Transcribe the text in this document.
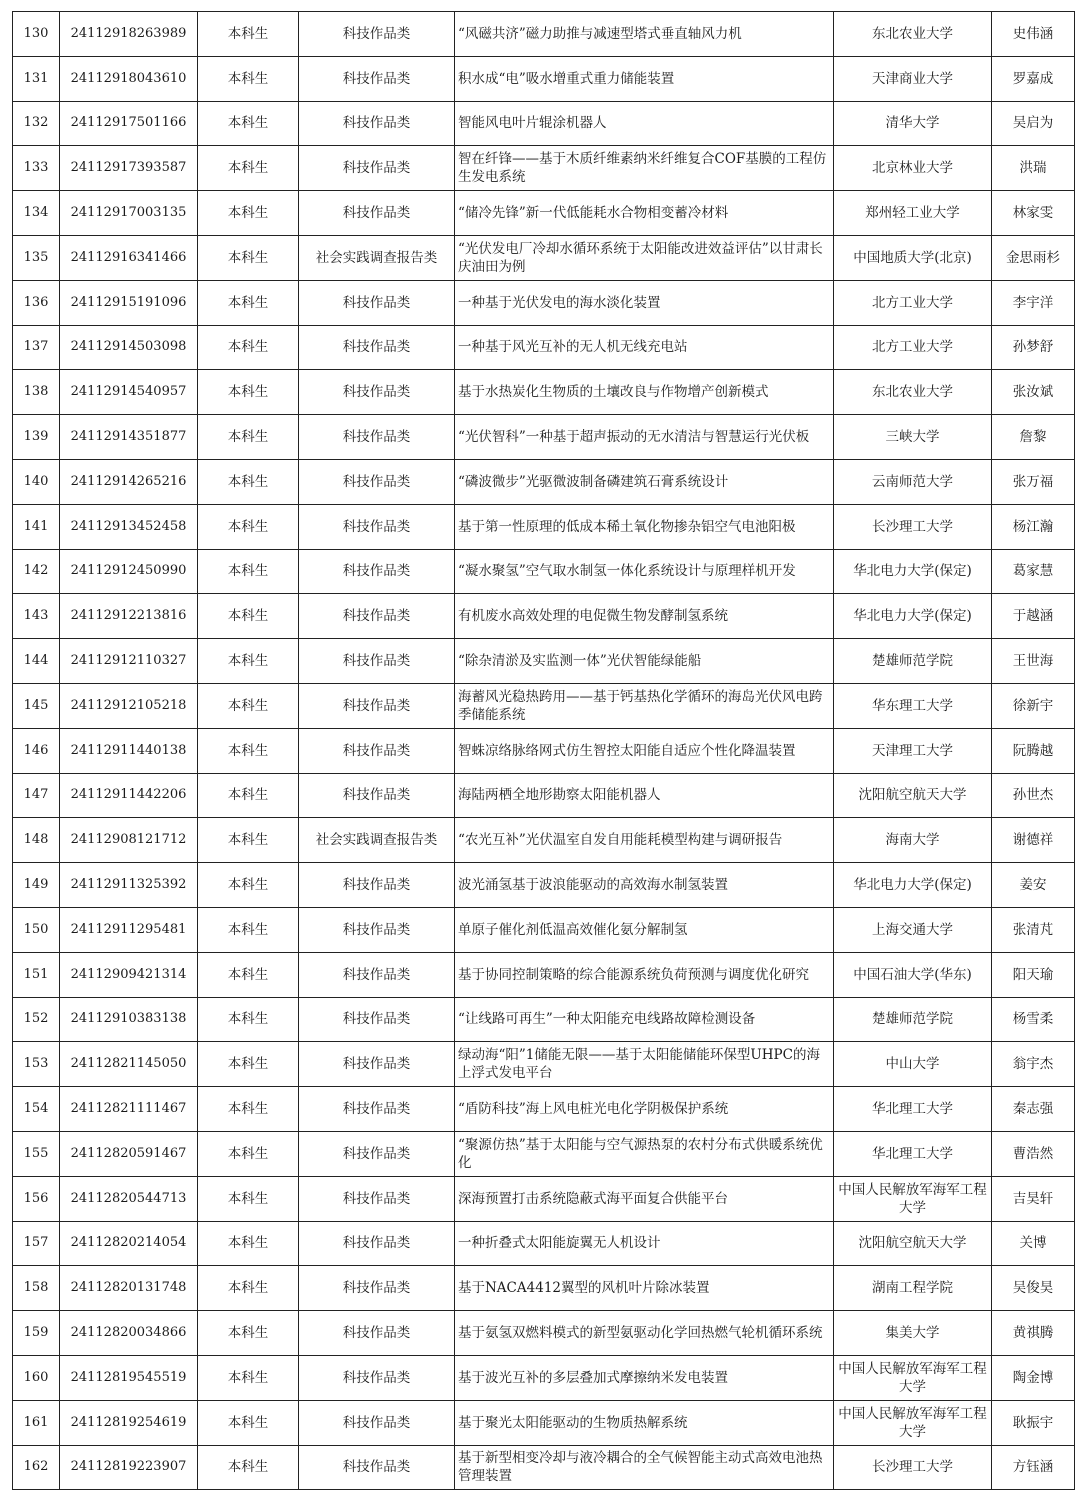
130	24112918263989	本科生	科技作品类	“风磁共济”磁力助推与减速型塔式垂直轴风力机	东北农业大学	史伟涵
131	24112918043610	本科生	科技作品类	积水成“电”吸水增重式重力储能装置	天津商业大学	罗嘉成
132	24112917501166	本科生	科技作品类	智能风电叶片辊涂机器人	清华大学	吴启为
133	24112917393587	本科生	科技作品类	智在纤锋——基于木质纤维素纳米纤维复合COF基膜的工程仿生发电系统	北京林业大学	洪瑞
134	24112917003135	本科生	科技作品类	“储冷先锋”新一代低能耗水合物相变蓄冷材料	郑州轻工业大学	林家雯
135	24112916341466	本科生	社会实践调查报告类	“光伏发电厂冷却水循环系统于太阳能改进效益评估”以甘肃长庆油田为例	中国地质大学(北京)	金思雨杉
136	24112915191096	本科生	科技作品类	一种基于光伏发电的海水淡化装置	北方工业大学	李宇洋
137	24112914503098	本科生	科技作品类	一种基于风光互补的无人机无线充电站	北方工业大学	孙梦舒
138	24112914540957	本科生	科技作品类	基于水热炭化生物质的土壤改良与作物增产创新模式	东北农业大学	张汝斌
139	24112914351877	本科生	科技作品类	“光伏智科”一种基于超声振动的无水清洁与智慧运行光伏板	三峡大学	詹黎
140	24112914265216	本科生	科技作品类	“磷波微步”光驱微波制备磷建筑石膏系统设计	云南师范大学	张万福
141	24112913452458	本科生	科技作品类	基于第一性原理的低成本稀土氧化物掺杂铝空气电池阳极	长沙理工大学	杨江瀚
142	24112912450990	本科生	科技作品类	“凝水聚氢”空气取水制氢一体化系统设计与原理样机开发	华北电力大学(保定)	葛家慧
143	24112912213816	本科生	科技作品类	有机废水高效处理的电促微生物发酵制氢系统	华北电力大学(保定)	于越涵
144	24112912110327	本科生	科技作品类	“除杂清淤及实监测一体”光伏智能绿能船	楚雄师范学院	王世海
145	24112912105218	本科生	科技作品类	海蓄风光稳热跨用——基于钙基热化学循环的海岛光伏风电跨季储能系统	华东理工大学	徐新宇
146	24112911440138	本科生	科技作品类	智蛛凉络脉络网式仿生智控太阳能自适应个性化降温装置	天津理工大学	阮腾越
147	24112911442206	本科生	科技作品类	海陆两栖全地形勘察太阳能机器人	沈阳航空航天大学	孙世杰
148	24112908121712	本科生	社会实践调查报告类	“农光互补”光伏温室自发自用能耗模型构建与调研报告	海南大学	谢德祥
149	24112911325392	本科生	科技作品类	波光涌氢基于波浪能驱动的高效海水制氢装置	华北电力大学(保定)	姜安
150	24112911295481	本科生	科技作品类	单原子催化剂低温高效催化氨分解制氢	上海交通大学	张清芃
151	24112909421314	本科生	科技作品类	基于协同控制策略的综合能源系统负荷预测与调度优化研究	中国石油大学(华东)	阳天瑜
152	24112910383138	本科生	科技作品类	“让线路可再生”一种太阳能充电线路故障检测设备	楚雄师范学院	杨雪柔
153	24112821145050	本科生	科技作品类	绿动海“阳”1储能无限——基于太阳能储能环保型UHPC的海上浮式发电平台	中山大学	翁宇杰
154	24112821111467	本科生	科技作品类	“盾防科技”海上风电桩光电化学阴极保护系统	华北理工大学	秦志强
155	24112820591467	本科生	科技作品类	“聚源仿热”基于太阳能与空气源热泵的农村分布式供暖系统优化	华北理工大学	曹浩然
156	24112820544713	本科生	科技作品类	深海预置打击系统隐蔽式海平面复合供能平台	中国人民解放军海军工程大学	吉昊轩
157	24112820214054	本科生	科技作品类	一种折叠式太阳能旋翼无人机设计	沈阳航空航天大学	关博
158	24112820131748	本科生	科技作品类	基于NACA4412翼型的风机叶片除冰装置	湖南工程学院	吴俊昊
159	24112820034866	本科生	科技作品类	基于氨氢双燃料模式的新型氨驱动化学回热燃气轮机循环系统	集美大学	黄祺腾
160	24112819545519	本科生	科技作品类	基于波光互补的多层叠加式摩擦纳米发电装置	中国人民解放军海军工程大学	陶金博
161	24112819254619	本科生	科技作品类	基于聚光太阳能驱动的生物质热解系统	中国人民解放军海军工程大学	耿振宇
162	24112819223907	本科生	科技作品类	基于新型相变冷却与液冷耦合的全气候智能主动式高效电池热管理装置	长沙理工大学	方钰涵
